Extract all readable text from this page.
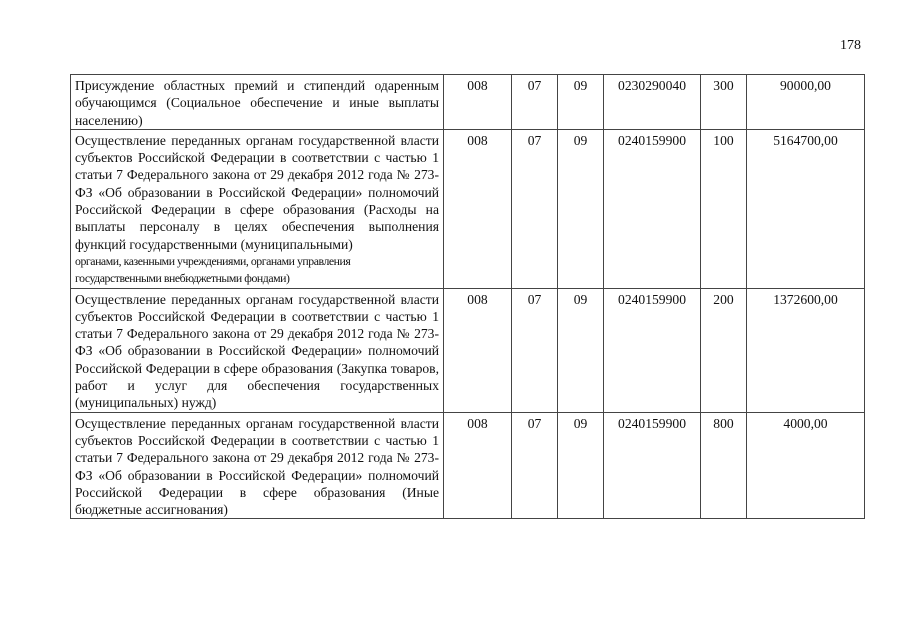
178
Присуждение областных премий и стипендий одаренным обучающимся (Социальное обеспечение и иные выплаты населению)	008	07	09	0230290040	300	90000,00
Осуществление переданных органам государственной власти субъектов Российской Федерации в соответствии с частью 1 статьи 7 Федерального закона от 29 декабря 2012 года № 273-ФЗ «Об образовании в Российской Федерации» полномочий Российской Федерации в сфере образования (Расходы на выплаты персоналу в целях обеспечения выполнения функций государственными (муниципальными)
органами, казенными учреждениями, органами управления государственными внебюджетными фондами)	008	07	09	0240159900	100	5164700,00
Осуществление переданных органам государственной власти субъектов Российской Федерации в соответствии с частью 1 статьи 7 Федерального закона от 29 декабря 2012 года № 273-ФЗ «Об образовании в Российской Федерации» полномочий Российской Федерации в сфере образования (Закупка товаров, работ и услуг для обеспечения государственных (муниципальных) нужд)	008	07	09	0240159900	200	1372600,00
Осуществление переданных органам государственной власти субъектов Российской Федерации в соответствии с частью 1 статьи 7 Федерального закона от 29 декабря 2012 года № 273-ФЗ «Об образовании в Российской Федерации» полномочий Российской Федерации в сфере образования (Иные бюджетные ассигнования)	008	07	09	0240159900	800	4000,00
